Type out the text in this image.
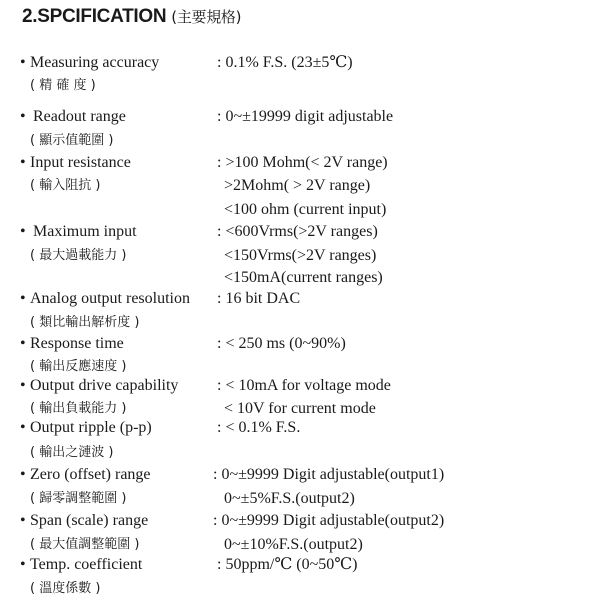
2.SPCIFICATION (主要規格)
• Measuring accuracy
( 精 確 度 )
: 0.1% F.S. (23±5℃)
• Readout range
( 顯示值範圍 )
: 0~±19999 digit adjustable
• Input resistance
( 輸入阻抗 )
: >100 Mohm(< 2V range)
>2Mohm( > 2V range)
<100 ohm (current input)
• Maximum input
( 最大過載能力 )
: <600Vrms(>2V ranges)
<150Vrms(>2V ranges)
<150mA(current ranges)
• Analog output resolution
( 類比輸出解析度 )
: 16 bit DAC
• Response time
( 輸出反應速度 )
: < 250 ms (0~90%)
• Output drive capability
( 輸出負載能力 )
: < 10mA for voltage mode
< 10V for current mode
• Output ripple (p-p)
( 輸出之漣波 )
: < 0.1% F.S.
• Zero (offset) range
( 歸零調整範圍 )
: 0~±9999 Digit adjustable(output1)
0~±5%F.S.(output2)
• Span (scale) range
( 最大值調整範圍 )
: 0~±9999 Digit adjustable(output2)
0~±10%F.S.(output2)
• Temp. coefficient
( 溫度係數 )
: 50ppm/℃ (0~50℃)
